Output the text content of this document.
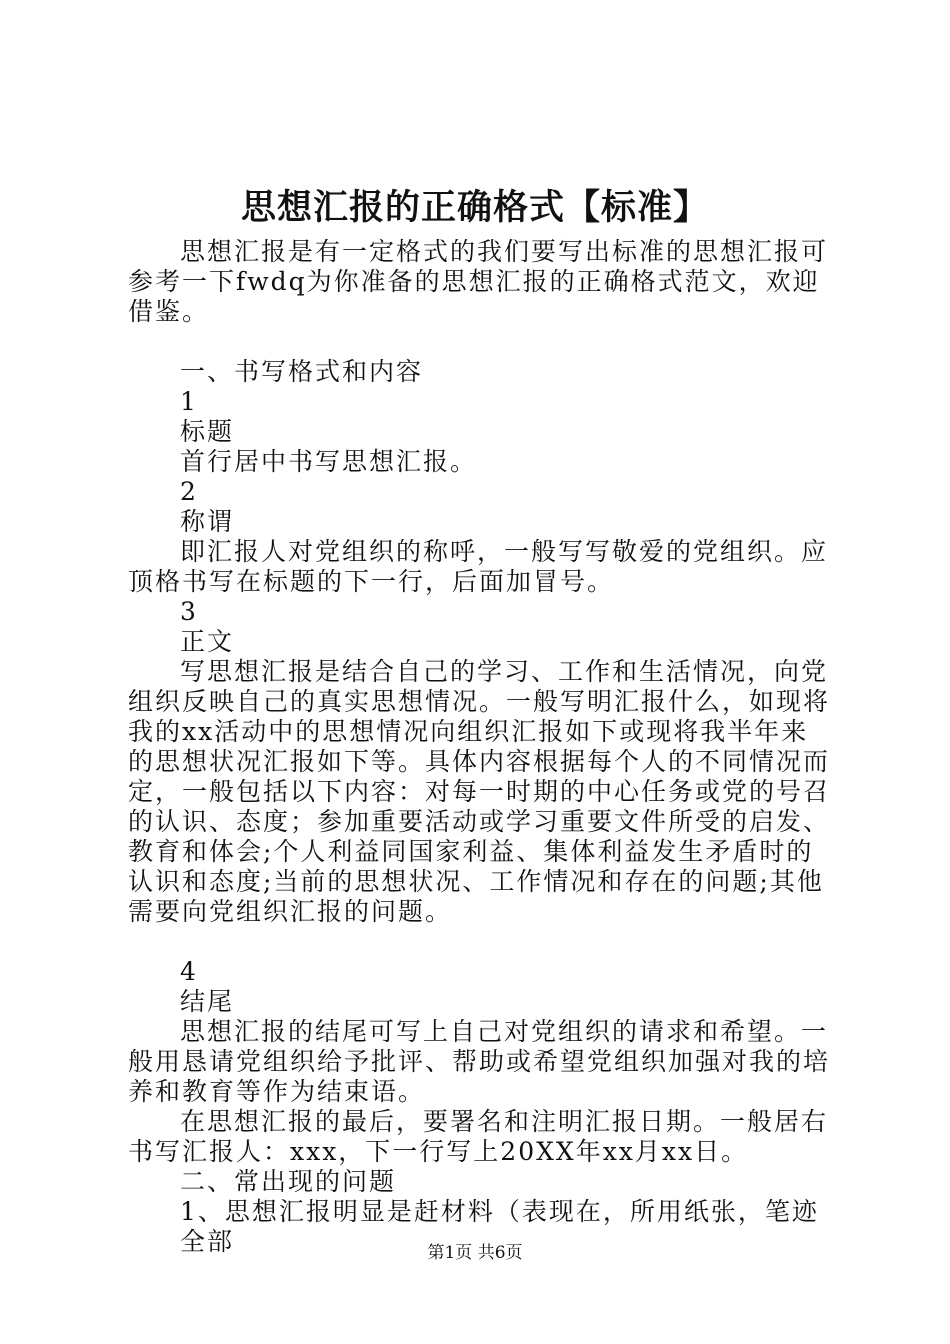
思想汇报的正确格式【标准】

思想汇报是有一定格式的我们要写出标准的思想汇报可参考一下fwdq为你准备的思想汇报的正确格式范文，欢迎借鉴。

一、书写格式和内容

1

标题

首行居中书写思想汇报。

2

称谓

即汇报人对党组织的称呼，一般写写敬爱的党组织。应顶格书写在标题的下一行，后面加冒号。

3

正文

写思想汇报是结合自己的学习、工作和生活情况，向党组织反映自己的真实思想情况。一般写明汇报什么，如现将我的xx活动中的思想情况向组织汇报如下或现将我半年来的思想状况汇报如下等。具体内容根据每个人的不同情况而定，一般包括以下内容：对每一时期的中心任务或党的号召的认识、态度；参加重要活动或学习重要文件所受的启发、教育和体会;个人利益同国家利益、集体利益发生矛盾时的认识和态度;当前的思想状况、工作情况和存在的问题;其他需要向党组织汇报的问题。

4

结尾

思想汇报的结尾可写上自己对党组织的请求和希望。一般用恳请党组织给予批评、帮助或希望党组织加强对我的培养和教育等作为结束语。

在思想汇报的最后，要署名和注明汇报日期。一般居右书写汇报人：xxx，下一行写上20XX年xx月xx日。

二、常出现的问题

1、思想汇报明显是赶材料（表现在，所用纸张，笔迹全部	第1页 共6页
